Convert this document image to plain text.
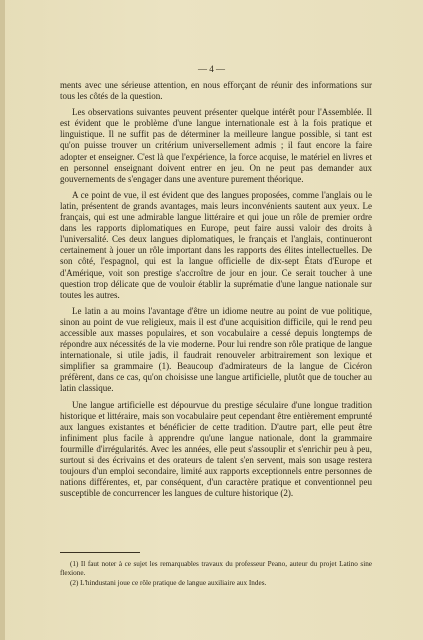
— 4 —

ments avec une sérieuse attention, en nous efforçant de réunir des informations sur tous les côtés de la question.

Les observations suivantes peuvent présenter quelque intérêt pour l'Assemblée. Il est évident que le problème d'une langue internationale est à la fois pratique et linguistique. Il ne suffit pas de déterminer la meilleure langue possible, si tant est qu'on puisse trouver un critérium universellement admis ; il faut encore la faire adopter et enseigner. C'est là que l'expérience, la force acquise, le matériel en livres et en personnel enseignant doivent entrer en jeu. On ne peut pas demander aux gouvernements de s'engager dans une aventure purement théorique.

A ce point de vue, il est évident que des langues proposées, comme l'anglais ou le latin, présentent de grands avantages, mais leurs inconvénients sautent aux yeux. Le français, qui est une admirable langue littéraire et qui joue un rôle de premier ordre dans les rapports diplomatiques en Europe, peut faire aussi valoir des droits à l'universalité. Ces deux langues diplomatiques, le français et l'anglais, continueront certainement à jouer un rôle important dans les rapports des élites intellectuelles. De son côté, l'espagnol, qui est la langue officielle de dix-sept États d'Europe et d'Amérique, voit son prestige s'accroître de jour en jour. Ce serait toucher à une question trop délicate que de vouloir établir la suprématie d'une langue nationale sur toutes les autres.

Le latin a au moins l'avantage d'être un idiome neutre au point de vue politique, sinon au point de vue religieux, mais il est d'une acquisition difficile, qui le rend peu accessible aux masses populaires, et son vocabulaire a cessé depuis longtemps de répondre aux nécessités de la vie moderne. Pour lui rendre son rôle pratique de langue internationale, si utile jadis, il faudrait renouveler arbitrairement son lexique et simplifier sa grammaire (1). Beaucoup d'admirateurs de la langue de Cicéron préfèrent, dans ce cas, qu'on choisisse une langue artificielle, plutôt que de toucher au latin classique.

Une langue artificielle est dépourvue du prestige séculaire d'une longue tradition historique et littéraire, mais son vocabulaire peut cependant être entièrement emprunté aux langues existantes et bénéficier de cette tradition. D'autre part, elle peut être infiniment plus facile à apprendre qu'une langue nationale, dont la grammaire fourmille d'irrégularités. Avec les années, elle peut s'assouplir et s'enrichir peu à peu, surtout si des écrivains et des orateurs de talent s'en servent, mais son usage restera toujours d'un emploi secondaire, limité aux rapports exceptionnels entre personnes de nations différentes, et, par conséquent, d'un caractère pratique et conventionnel peu susceptible de concurrencer les langues de culture historique (2).

(1) Il faut noter à ce sujet les remarquables travaux du professeur Peano, auteur du projet Latino sine flexione.

(2) L'hindustani joue ce rôle pratique de langue auxiliaire aux Indes.
